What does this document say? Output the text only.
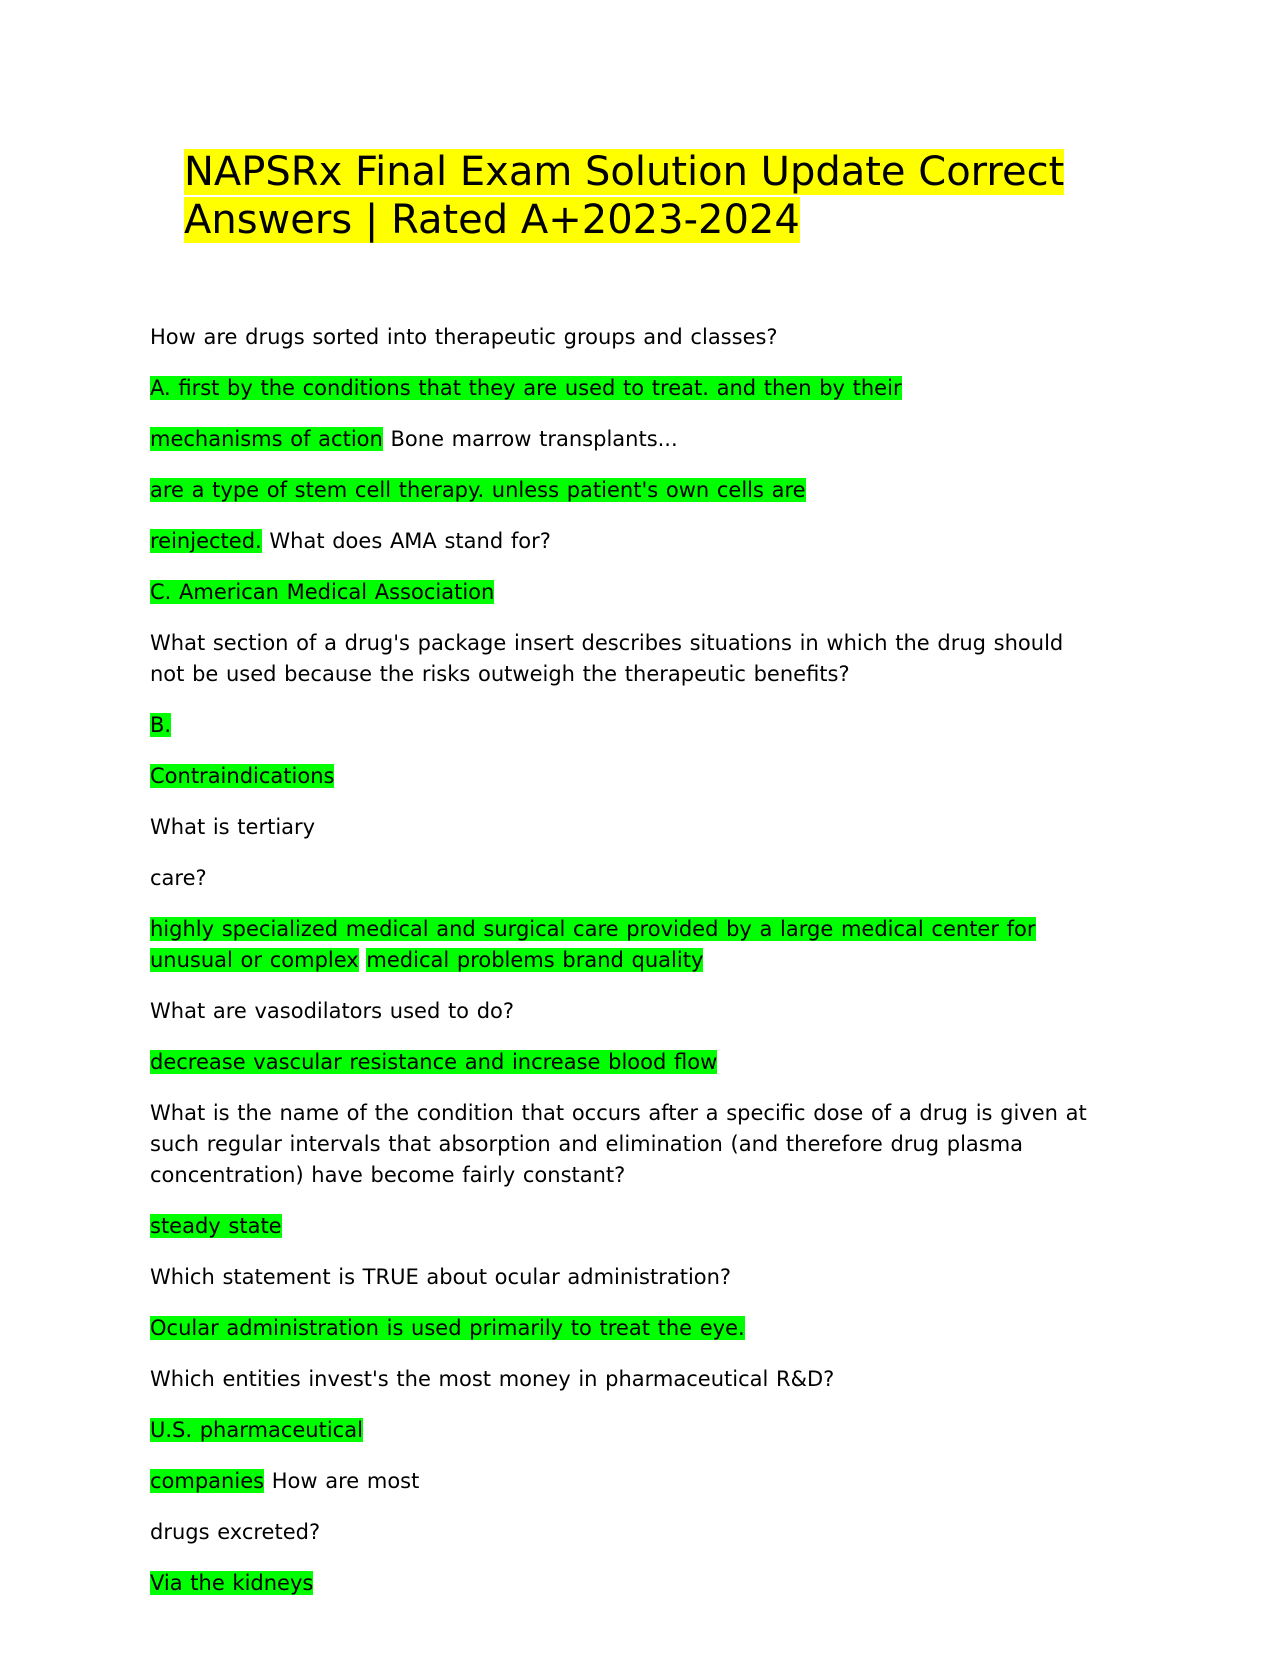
NAPSRx Final Exam Solution Update Correct Answers | Rated A+2023-2024

How are drugs sorted into therapeutic groups and classes?

A. first by the conditions that they are used to treat. and then by their

mechanisms of action Bone marrow transplants...

are a type of stem cell therapy. unless patient's own cells are

reinjected. What does AMA stand for?

C. American Medical Association

What section of a drug's package insert describes situations in which the drug should not be used because the risks outweigh the therapeutic benefits?

B.

Contraindications

What is tertiary

care?

highly specialized medical and surgical care provided by a large medical center for unusual or complex medical problems brand quality

What are vasodilators used to do?

decrease vascular resistance and increase blood flow

What is the name of the condition that occurs after a specific dose of a drug is given at such regular intervals that absorption and elimination (and therefore drug plasma concentration) have become fairly constant?

steady state

Which statement is TRUE about ocular administration?

Ocular administration is used primarily to treat the eye.

Which entities invest's the most money in pharmaceutical R&D?

U.S. pharmaceutical

companies How are most

drugs excreted?

Via the kidneys
